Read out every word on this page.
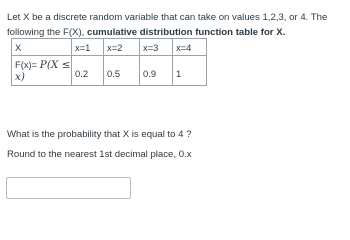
Let X be a discrete random variable that can take on values 1,2,3, or 4. The following the F(X), cumulative distribution function table for X.

X	x=1	x=2	x=3	x=4
F(x)= P(X ≤ x)	0.2	0.5	0.9	1

What is the probability that X is equal to 4 ?

Round to the nearest 1st decimal place, 0.x
